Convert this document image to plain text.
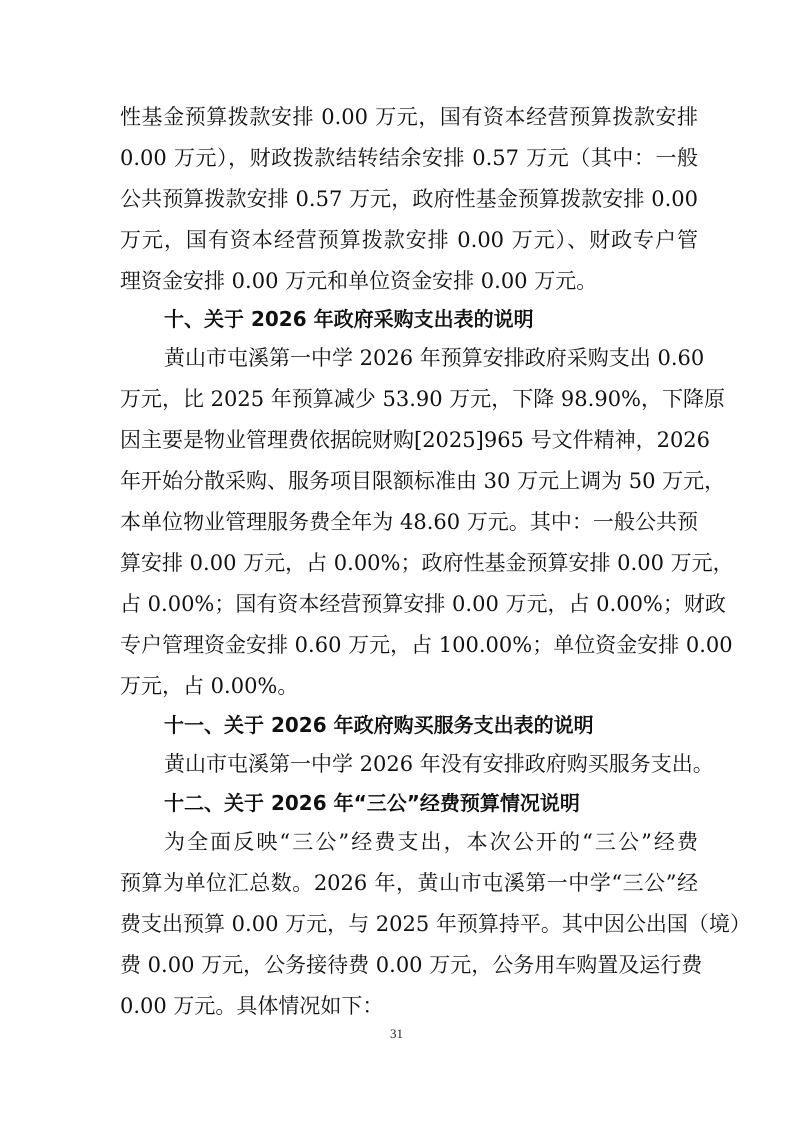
性基金预算拨款安排 0.00 万元，国有资本经营预算拨款安排
0.00 万元），财政拨款结转结余安排 0.57 万元（其中：一般
公共预算拨款安排 0.57 万元，政府性基金预算拨款安排 0.00
万元，国有资本经营预算拨款安排 0.00 万元）、财政专户管
理资金安排 0.00 万元和单位资金安排 0.00 万元。
十、关于 2026 年政府采购支出表的说明
黄山市屯溪第一中学 2026 年预算安排政府采购支出 0.60
万元，比 2025 年预算减少 53.90 万元，下降 98.90%，下降原
因主要是物业管理费依据皖财购[2025]965 号文件精神，2026
年开始分散采购、服务项目限额标准由 30 万元上调为 50 万元，
本单位物业管理服务费全年为 48.60 万元。其中：一般公共预
算安排 0.00 万元，占 0.00%；政府性基金预算安排 0.00 万元，
占 0.00%；国有资本经营预算安排 0.00 万元，占 0.00%；财政
专户管理资金安排 0.60 万元，占 100.00%；单位资金安排 0.00
万元，占 0.00%。
十一、关于 2026 年政府购买服务支出表的说明
黄山市屯溪第一中学 2026 年没有安排政府购买服务支出。
十二、关于 2026 年“三公”经费预算情况说明
为全面反映“三公”经费支出，本次公开的“三公”经费
预算为单位汇总数。2026 年，黄山市屯溪第一中学“三公”经
费支出预算 0.00 万元，与 2025 年预算持平。其中因公出国（境）
费 0.00 万元，公务接待费 0.00 万元，公务用车购置及运行费
0.00 万元。具体情况如下：
31
